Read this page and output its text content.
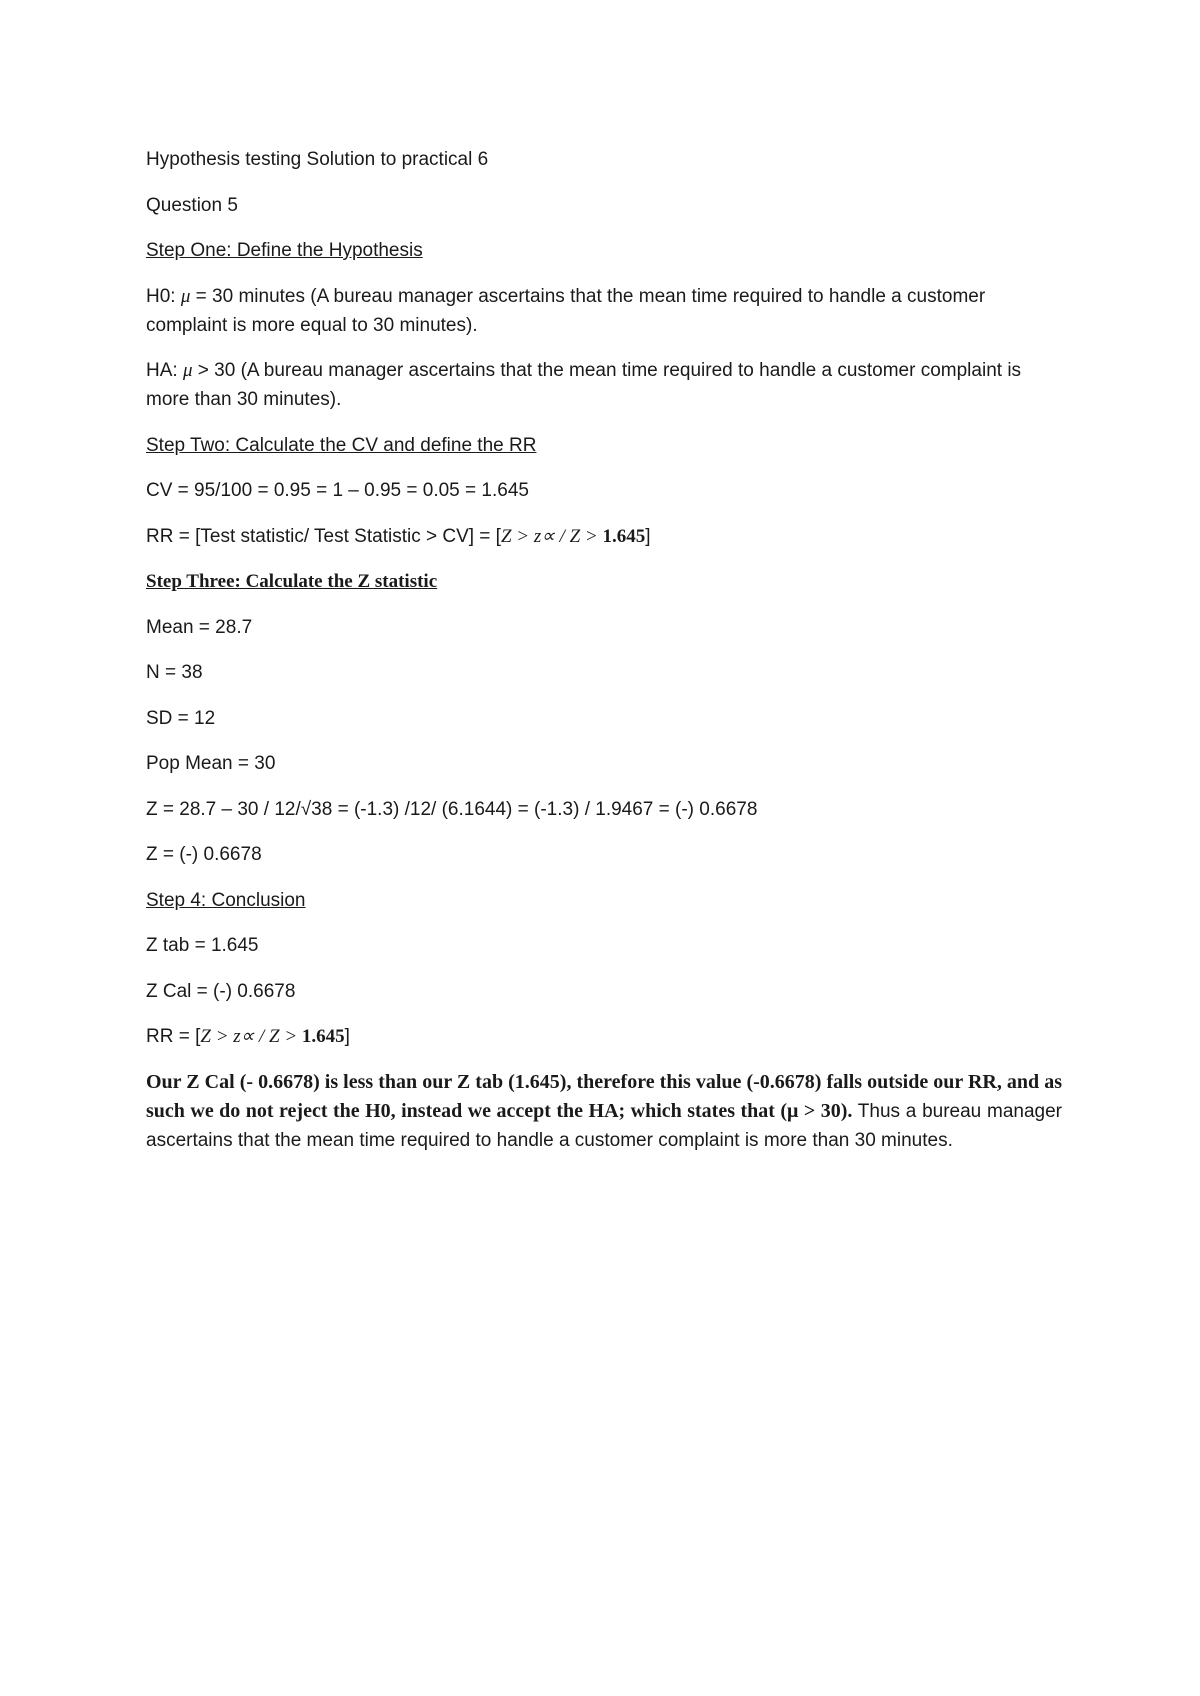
Hypothesis testing Solution to practical 6
Question 5
Step One: Define the Hypothesis
H0: μ = 30 minutes (A bureau manager ascertains that the mean time required to handle a customer complaint is more equal to 30 minutes).
HA: μ > 30 (A bureau manager ascertains that the mean time required to handle a customer complaint is more than 30 minutes).
Step Two: Calculate the CV and define the RR
CV = 95/100 = 0.95 = 1 – 0.95 = 0.05 = 1.645
RR = [Test statistic/ Test Statistic > CV] = [Z > z∝ / Z > 1.645]
Step Three: Calculate the Z statistic
Mean = 28.7
N = 38
SD = 12
Pop Mean = 30
Z = 28.7 – 30 / 12/√38 = (-1.3) /12/ (6.1644) = (-1.3) / 1.9467 = (-) 0.6678
Z = (-) 0.6678
Step 4: Conclusion
Z tab = 1.645
Z Cal = (-) 0.6678
RR = [Z > z∝ / Z > 1.645]

Our Z Cal (- 0.6678) is less than our Z tab (1.645), therefore this value (-0.6678) falls outside our RR, and as such we do not reject the H0, instead we accept the HA; which states that (μ > 30). Thus a bureau manager ascertains that the mean time required to handle a customer complaint is more than 30 minutes.
